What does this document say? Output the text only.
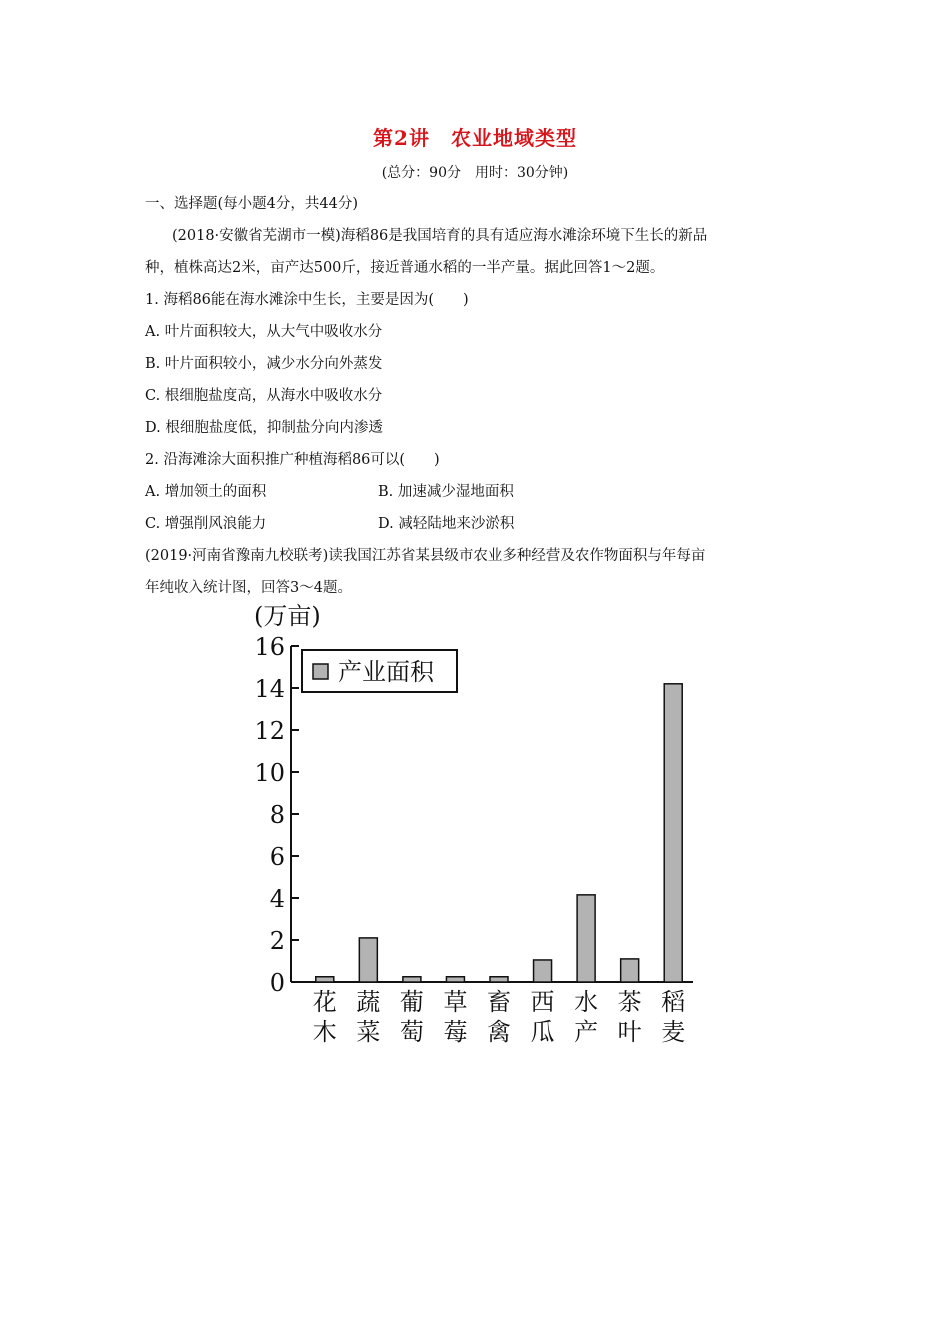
第2讲　农业地域类型
(总分：90分　用时：30分钟)
一、选择题(每小题4分，共44分)
(2018·安徽省芜湖市一模)海稻86是我国培育的具有适应海水滩涂环境下生长的新品
种，植株高达2米，亩产达500斤，接近普通水稻的一半产量。据此回答1～2题。
1. 海稻86能在海水滩涂中生长，主要是因为(　　)
A. 叶片面积较大，从大气中吸收水分
B. 叶片面积较小，减少水分向外蒸发
C. 根细胞盐度高，从海水中吸收水分
D. 根细胞盐度低，抑制盐分向内渗透
2. 沿海滩涂大面积推广种植海稻86可以(　　)
A. 增加领土的面积	B. 加速减少湿地面积
C. 增强削风浪能力	D. 减轻陆地来沙淤积
(2019·河南省豫南九校联考)读我国江苏省某县级市农业多种经营及农作物面积与年每亩
年纯收入统计图，回答3～4题。
(万亩)
0
2
4
6
8
10
12
14
16
花
木
蔬
菜
葡
萄
草
莓
畜
禽
西
瓜
水
产
茶
叶
稻
麦
产业面积
